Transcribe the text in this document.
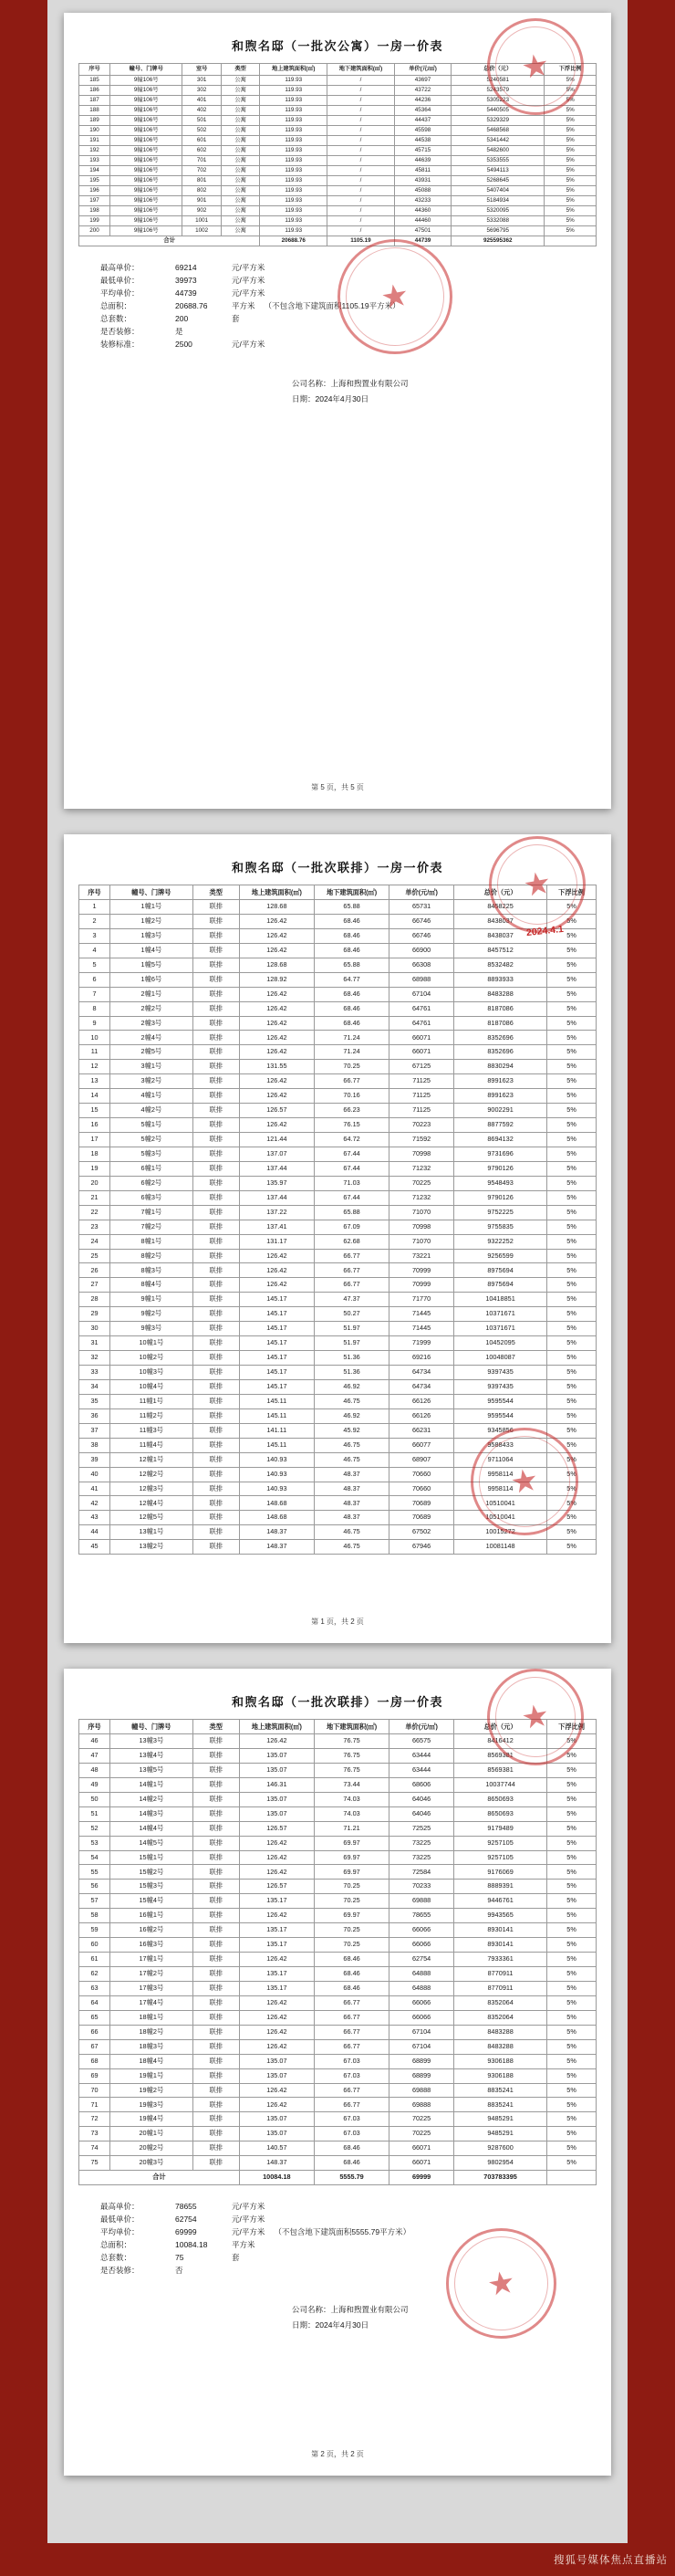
★
★
和煦名邸（一批次公寓）一房一价表
序号	幢号、门牌号	室号	类型	地上建筑面积(㎡)	地下建筑面积(㎡)	单价(元/㎡)	总价（元）	下浮比例
185	9幢106号	301	公寓	119.93	/	43697	5240581	5%
186	9幢106号	302	公寓	119.93	/	43722	5243579	5%
187	9幢106号	401	公寓	119.93	/	44236	5305223	5%
188	9幢106号	402	公寓	119.93	/	45364	5440505	5%
189	9幢106号	501	公寓	119.93	/	44437	5329329	5%
190	9幢106号	502	公寓	119.93	/	45598	5468568	5%
191	9幢106号	601	公寓	119.93	/	44538	5341442	5%
192	9幢106号	602	公寓	119.93	/	45715	5482600	5%
193	9幢106号	701	公寓	119.93	/	44639	5353555	5%
194	9幢106号	702	公寓	119.93	/	45811	5494113	5%
195	9幢106号	801	公寓	119.93	/	43931	5268645	5%
196	9幢106号	802	公寓	119.93	/	45088	5407404	5%
197	9幢106号	901	公寓	119.93	/	43233	5184934	5%
198	9幢106号	902	公寓	119.93	/	44360	5320095	5%
199	9幢106号	1001	公寓	119.93	/	44460	5332088	5%
200	9幢106号	1002	公寓	119.93	/	47501	5696795	5%
合计				20688.76	1105.19	44739	925595362	
最高单价：	69214	元/平方米
最低单价：	39973	元/平方米
平均单价：	44739	元/平方米
总面积：	20688.76	平方米 （不包含地下建筑面积1105.19平方米）
总套数：	200	套
是否装修：	是
装修标准：	2500	元/平方米
公司名称：上海和煦置业有限公司
日期：2024年4月30日
第 5 页，共 5 页
★
★
2024.4.1
和煦名邸（一批次联排）一房一价表
序号	幢号、门牌号	类型	地上建筑面积(㎡)	地下建筑面积(㎡)	单价(元/㎡)	总价（元）	下浮比例
1	1幢1号	联排	128.68	65.88	65731	8458225	5%
2	1幢2号	联排	126.42	68.46	66746	8438037	5%
3	1幢3号	联排	126.42	68.46	66746	8438037	5%
4	1幢4号	联排	126.42	68.46	66900	8457512	5%
5	1幢5号	联排	128.68	65.88	66308	8532482	5%
6	1幢6号	联排	128.92	64.77	68988	8893933	5%
7	2幢1号	联排	126.42	68.46	67104	8483288	5%
8	2幢2号	联排	126.42	68.46	64761	8187086	5%
9	2幢3号	联排	126.42	68.46	64761	8187086	5%
10	2幢4号	联排	126.42	71.24	66071	8352696	5%
11	2幢5号	联排	126.42	71.24	66071	8352696	5%
12	3幢1号	联排	131.55	70.25	67125	8830294	5%
13	3幢2号	联排	126.42	66.77	71125	8991623	5%
14	4幢1号	联排	126.42	70.16	71125	8991623	5%
15	4幢2号	联排	126.57	66.23	71125	9002291	5%
16	5幢1号	联排	126.42	76.15	70223	8877592	5%
17	5幢2号	联排	121.44	64.72	71592	8694132	5%
18	5幢3号	联排	137.07	67.44	70998	9731696	5%
19	6幢1号	联排	137.44	67.44	71232	9790126	5%
20	6幢2号	联排	135.97	71.03	70225	9548493	5%
21	6幢3号	联排	137.44	67.44	71232	9790126	5%
22	7幢1号	联排	137.22	65.88	71070	9752225	5%
23	7幢2号	联排	137.41	67.09	70998	9755835	5%
24	8幢1号	联排	131.17	62.68	71070	9322252	5%
25	8幢2号	联排	126.42	66.77	73221	9256599	5%
26	8幢3号	联排	126.42	66.77	70999	8975694	5%
27	8幢4号	联排	126.42	66.77	70999	8975694	5%
28	9幢1号	联排	145.17	47.37	71770	10418851	5%
29	9幢2号	联排	145.17	50.27	71445	10371671	5%
30	9幢3号	联排	145.17	51.97	71445	10371671	5%
31	10幢1号	联排	145.17	51.97	71999	10452095	5%
32	10幢2号	联排	145.17	51.36	69216	10048087	5%
33	10幢3号	联排	145.17	51.36	64734	9397435	5%
34	10幢4号	联排	145.17	46.92	64734	9397435	5%
35	11幢1号	联排	145.11	46.75	66126	9595544	5%
36	11幢2号	联排	145.11	46.92	66126	9595544	5%
37	11幢3号	联排	141.11	45.92	66231	9345856	5%
38	11幢4号	联排	145.11	46.75	66077	9588433	5%
39	12幢1号	联排	140.93	46.75	68907	9711064	5%
40	12幢2号	联排	140.93	48.37	70660	9958114	5%
41	12幢3号	联排	140.93	48.37	70660	9958114	5%
42	12幢4号	联排	148.68	48.37	70689	10510041	5%
43	12幢5号	联排	148.68	48.37	70689	10510041	5%
44	13幢1号	联排	148.37	46.75	67502	10015272	5%
45	13幢2号	联排	148.37	46.75	67946	10081148	5%
第 1 页，共 2 页
★
★
和煦名邸（一批次联排）一房一价表
序号	幢号、门牌号	类型	地上建筑面积(㎡)	地下建筑面积(㎡)	单价(元/㎡)	总价（元）	下浮比例
46	13幢3号	联排	126.42	76.75	66575	8416412	5%
47	13幢4号	联排	135.07	76.75	63444	8569381	5%
48	13幢5号	联排	135.07	76.75	63444	8569381	5%
49	14幢1号	联排	146.31	73.44	68606	10037744	5%
50	14幢2号	联排	135.07	74.03	64046	8650693	5%
51	14幢3号	联排	135.07	74.03	64046	8650693	5%
52	14幢4号	联排	126.57	71.21	72525	9179489	5%
53	14幢5号	联排	126.42	69.97	73225	9257105	5%
54	15幢1号	联排	126.42	69.97	73225	9257105	5%
55	15幢2号	联排	126.42	69.97	72584	9176069	5%
56	15幢3号	联排	126.57	70.25	70233	8889391	5%
57	15幢4号	联排	135.17	70.25	69888	9446761	5%
58	16幢1号	联排	126.42	69.97	78655	9943565	5%
59	16幢2号	联排	135.17	70.25	66066	8930141	5%
60	16幢3号	联排	135.17	70.25	66066	8930141	5%
61	17幢1号	联排	126.42	68.46	62754	7933361	5%
62	17幢2号	联排	135.17	68.46	64888	8770911	5%
63	17幢3号	联排	135.17	68.46	64888	8770911	5%
64	17幢4号	联排	126.42	66.77	66066	8352064	5%
65	18幢1号	联排	126.42	66.77	66066	8352064	5%
66	18幢2号	联排	126.42	66.77	67104	8483288	5%
67	18幢3号	联排	126.42	66.77	67104	8483288	5%
68	18幢4号	联排	135.07	67.03	68899	9306188	5%
69	19幢1号	联排	135.07	67.03	68899	9306188	5%
70	19幢2号	联排	126.42	66.77	69888	8835241	5%
71	19幢3号	联排	126.42	66.77	69888	8835241	5%
72	19幢4号	联排	135.07	67.03	70225	9485291	5%
73	20幢1号	联排	135.07	67.03	70225	9485291	5%
74	20幢2号	联排	140.57	68.46	66071	9287600	5%
75	20幢3号	联排	148.37	68.46	66071	9802954	5%
合计			10084.18	5555.79	69999	703783395	
最高单价：	78655	元/平方米
最低单价：	62754	元/平方米
平均单价：	69999	元/平方米 （不包含地下建筑面积5555.79平方米）
总面积：	10084.18	平方米
总套数：	75	套
是否装修：	否
公司名称：上海和煦置业有限公司
日期：2024年4月30日
第 2 页，共 2 页
搜狐号媒体焦点直播站
